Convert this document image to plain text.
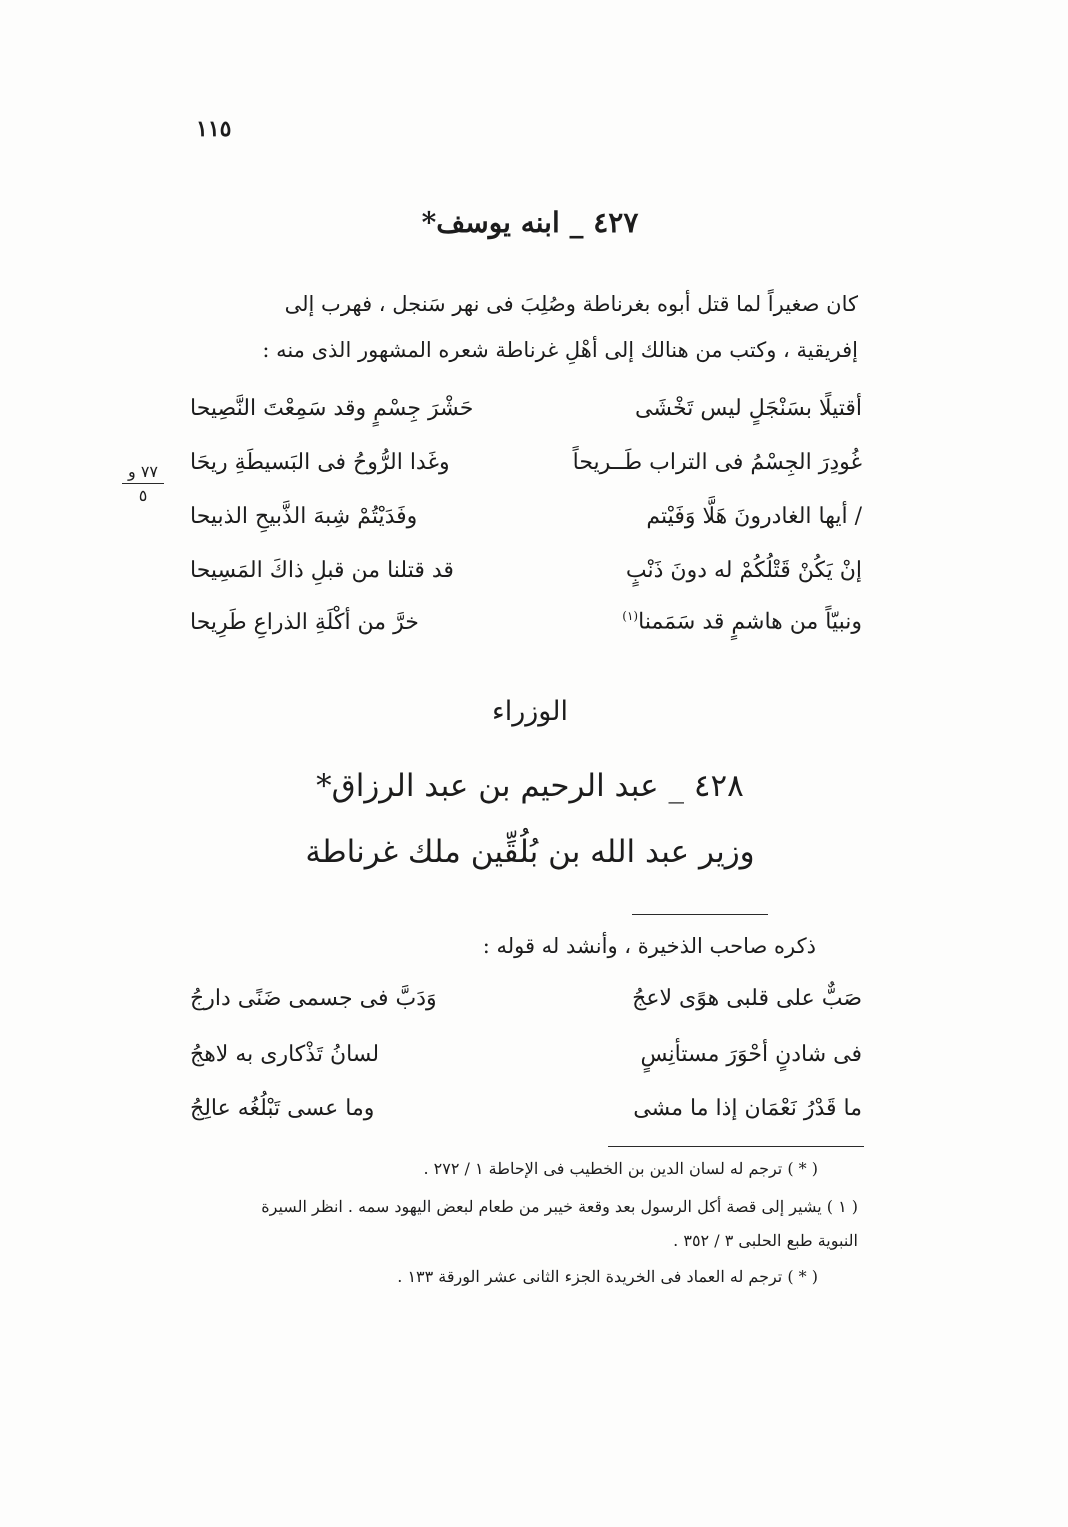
١١٥
٤٢٧ _ ابنه يوسف*
كان صغيراً لما قتل أبوه بغرناطة وصُلِبَ فى نهر سَنجل ، فهرب إلى
إفريقية ، وكتب من هنالك إلى أهْلِ غرناطة شعره المشهور الذى منه :
أقتيلًا بسَنْجَلٍ ليس تَخْشَى
حَشْرَ جِسْمٍ وقد سَمِعْتَ النَّصِيحا
غُودِرَ الجِسْمُ فى التراب طَــريحاً
وغَدا الرُّوحُ فى البَسيطَةِ ريحَا
/ أيها الغادرونَ هَلَّا وَفَيْتم
وفَدَيْتُمْ شِبهَ الذَّبيحِ الذبيحا
إنْ يَكُنْ قَتْلُكُمْ له دونَ ذَنْبٍ
قد قتلنا من قبلِ ذاكَ المَسِيحا
ونبيّاً من هاشمٍ قد سَمَمنا$^{(١)}$
خرَّ من أكْلَةِ الذراعِ طَرِيحا
٧٧ و
٥
الوزراء
٤٢٨ _ عبد الرحيم بن عبد الرزاق*
وزير عبد الله بن بُلُقِّين ملك غرناطة
ذكره صاحب الذخيرة ، وأنشد له قوله :
صَبٌّ على قلبى هوًى لاعجُ
وَدَبَّ فى جسمى ضَنًى دارجُ
فى شادنٍ أحْوَرَ مستأنِسٍ
لسانُ تَذْكارى به لاهجُ
ما قَدْرُ نَعْمَان إذا ما مشى
وما عسى تَبْلُغُه عالِجُ
( * ) ترجم له لسان الدين بن الخطيب فى الإحاطة ١ / ٢٧٢ .
( ١ ) يشير إلى قصة أكل الرسول بعد وقعة خيبر من طعام لبعض اليهود سمه . انظر السيرة
النبوية طبع الحلبى ٣ / ٣٥٢ .
( * ) ترجم له العماد فى الخريدة الجزء الثانى عشر الورقة ١٣٣ .
